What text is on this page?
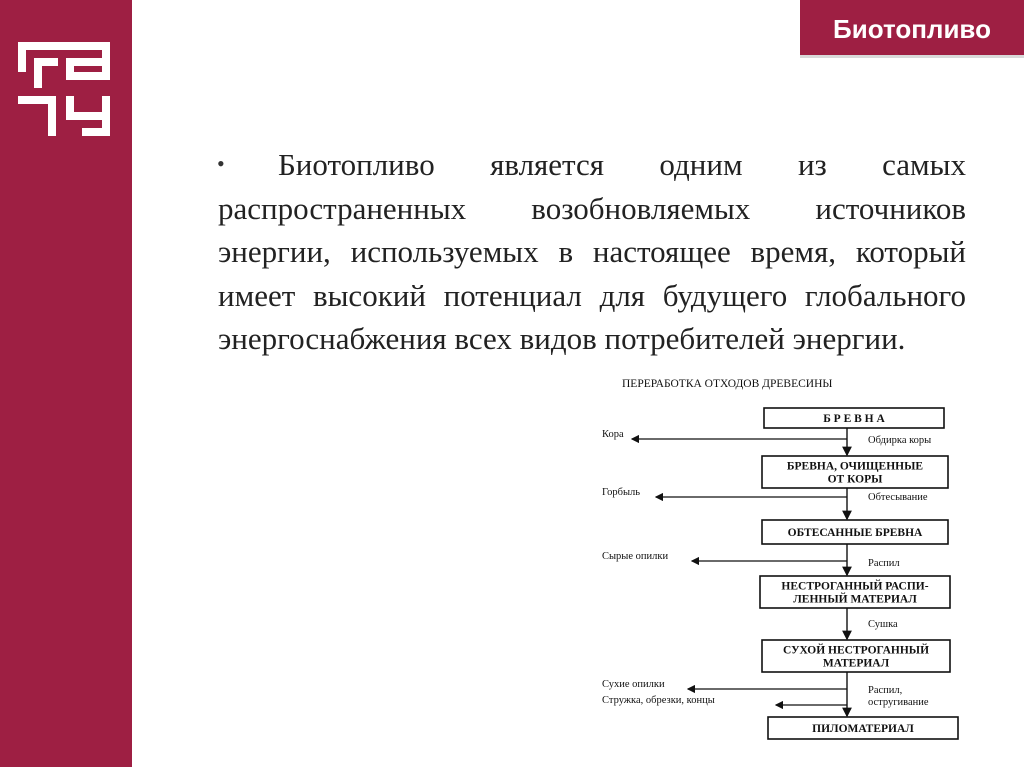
Биотопливо
•	Биотопливо является одним из самых распространенных возобновляемых источников энергии, используемых в настоящее время, который имеет высокий потенциал для будущего глобального энергоснабжения всех видов потребителей энергии.

ПЕРЕРАБОТКА ОТХОДОВ ДРЕВЕСИНЫ
Б Р Е В Н А
БРЕВНА, ОЧИЩЕННЫЕ
ОТ КОРЫ
ОБТЕСАННЫЕ БРЕВНА
НЕСТРОГАННЫЙ РАСПИ-
ЛЕННЫЙ МАТЕРИАЛ
СУХОЙ НЕСТРОГАННЫЙ
МАТЕРИАЛ
ПИЛОМАТЕРИАЛ
Обдирка коры
Обтесывание
Распил
Сушка
Распил,
остругивание
Кора
Горбыль
Сырые опилки
Сухие опилки
Стружка, обрезки, концы
